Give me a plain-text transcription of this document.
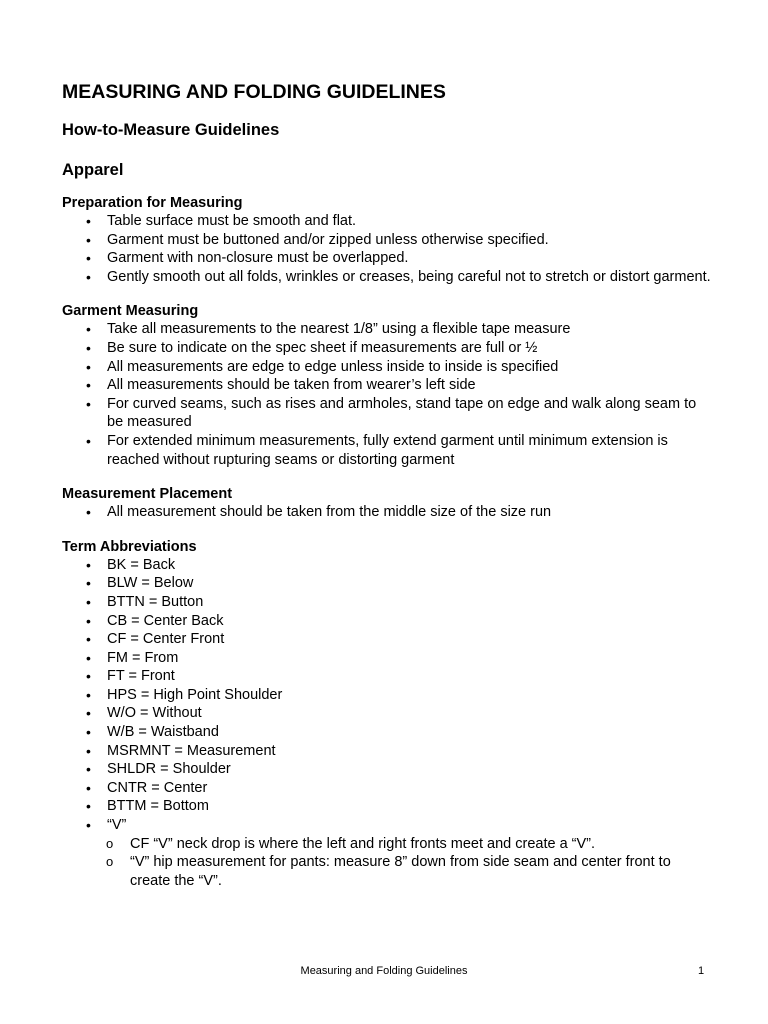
MEASURING AND FOLDING GUIDELINES
How-to-Measure Guidelines
Apparel
Preparation for Measuring
• Table surface must be smooth and flat.
• Garment must be buttoned and/or zipped unless otherwise specified.
• Garment with non-closure must be overlapped.
• Gently smooth out all folds, wrinkles or creases, being careful not to stretch or distort garment.
Garment Measuring
• Take all measurements to the nearest 1/8” using a flexible tape measure
• Be sure to indicate on the spec sheet if measurements are full or ½
• All measurements are edge to edge unless inside to inside is specified
• All measurements should be taken from wearer’s left side
• For curved seams, such as rises and armholes, stand tape on edge and walk along seam to be measured
• For extended minimum measurements, fully extend garment until minimum extension is reached without rupturing seams or distorting garment
Measurement Placement
• All measurement should be taken from the middle size of the size run
Term Abbreviations
• BK = Back
• BLW = Below
• BTTN = Button
• CB = Center Back
• CF = Center Front
• FM = From
• FT = Front
• HPS = High Point Shoulder
• W/O = Without
• W/B = Waistband
• MSRMNT = Measurement
• SHLDR = Shoulder
• CNTR = Center
• BTTM = Bottom
• “V”
o CF “V” neck drop is where the left and right fronts meet and create a “V”.
o “V” hip measurement for pants: measure 8” down from side seam and center front to create the “V”.
Measuring and Folding Guidelines	1
